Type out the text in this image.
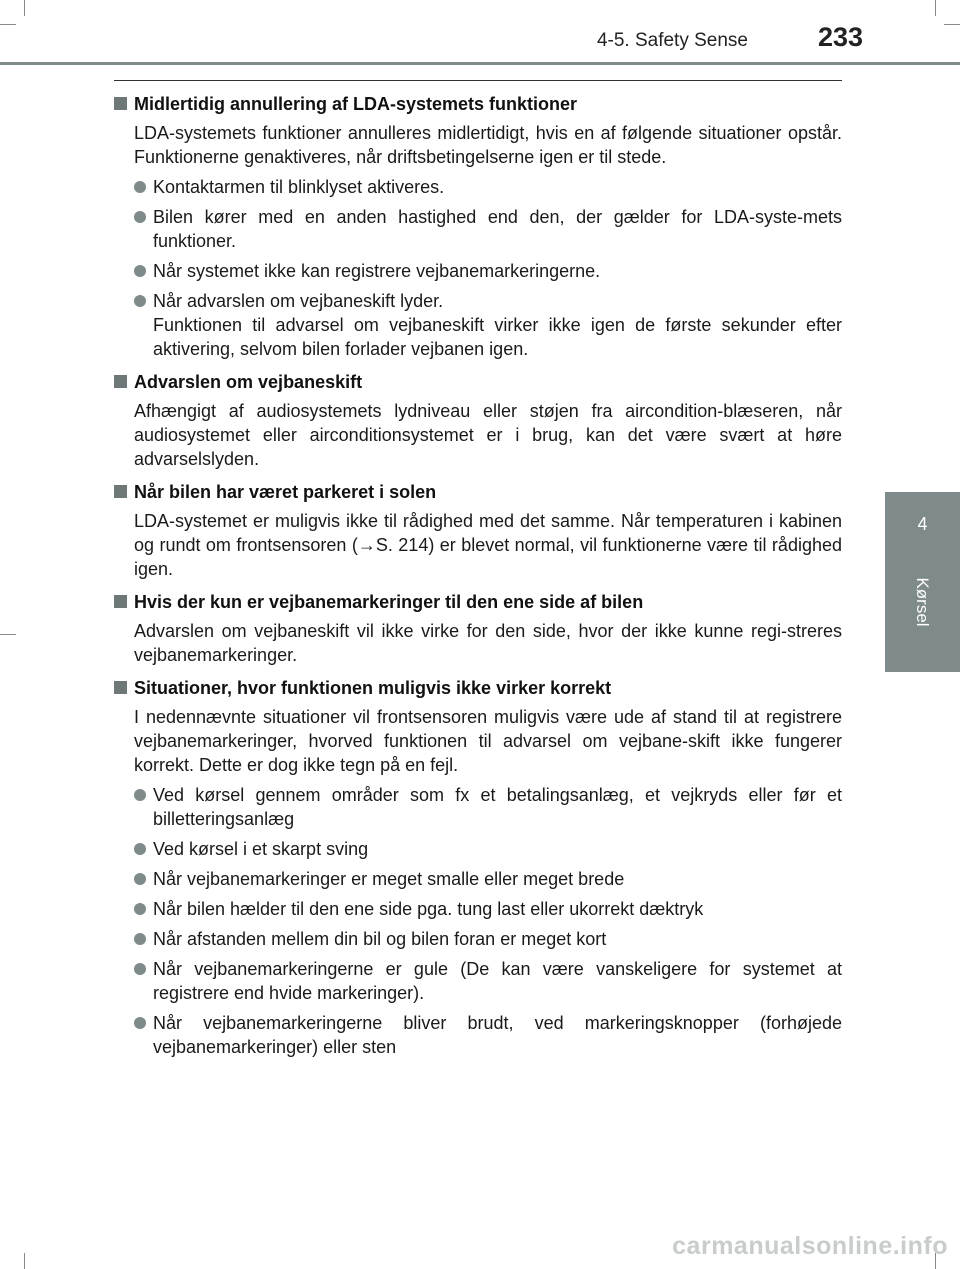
4-5. Safety Sense	233
4
Kørsel
Midlertidig annullering af LDA-systemets funktioner

LDA-systemets funktioner annulleres midlertidigt, hvis en af følgende situationer opstår. Funktionerne genaktiveres, når driftsbetingelserne igen er til stede.

Kontaktarmen til blinklyset aktiveres.
Bilen kører med en anden hastighed end den, der gælder for LDA-syste-mets funktioner.
Når systemet ikke kan registrere vejbanemarkeringerne.
Når advarslen om vejbaneskift lyder.
Funktionen til advarsel om vejbaneskift virker ikke igen de første sekunder efter aktivering, selvom bilen forlader vejbanen igen.
Advarslen om vejbaneskift

Afhængigt af audiosystemets lydniveau eller støjen fra aircondition-blæseren, når audiosystemet eller airconditionsystemet er i brug, kan det være svært at høre advarselslyden.

Når bilen har været parkeret i solen

LDA-systemet er muligvis ikke til rådighed med det samme. Når temperaturen i kabinen og rundt om frontsensoren (→S. 214) er blevet normal, vil funktionerne være til rådighed igen.

Hvis der kun er vejbanemarkeringer til den ene side af bilen

Advarslen om vejbaneskift vil ikke virke for den side, hvor der ikke kunne regi-streres vejbanemarkeringer.

Situationer, hvor funktionen muligvis ikke virker korrekt

I nedennævnte situationer vil frontsensoren muligvis være ude af stand til at registrere vejbanemarkeringer, hvorved funktionen til advarsel om vejbane-skift ikke fungerer korrekt. Dette er dog ikke tegn på en fejl.

Ved kørsel gennem områder som fx et betalingsanlæg, et vejkryds eller før et billetteringsanlæg
Ved kørsel i et skarpt sving
Når vejbanemarkeringer er meget smalle eller meget brede
Når bilen hælder til den ene side pga. tung last eller ukorrekt dæktryk
Når afstanden mellem din bil og bilen foran er meget kort
Når vejbanemarkeringerne er gule (De kan være vanskeligere for systemet at registrere end hvide markeringer).
Når vejbanemarkeringerne bliver brudt, ved markeringsknopper (forhøjede vejbanemarkeringer) eller sten
carmanualsonline.info
